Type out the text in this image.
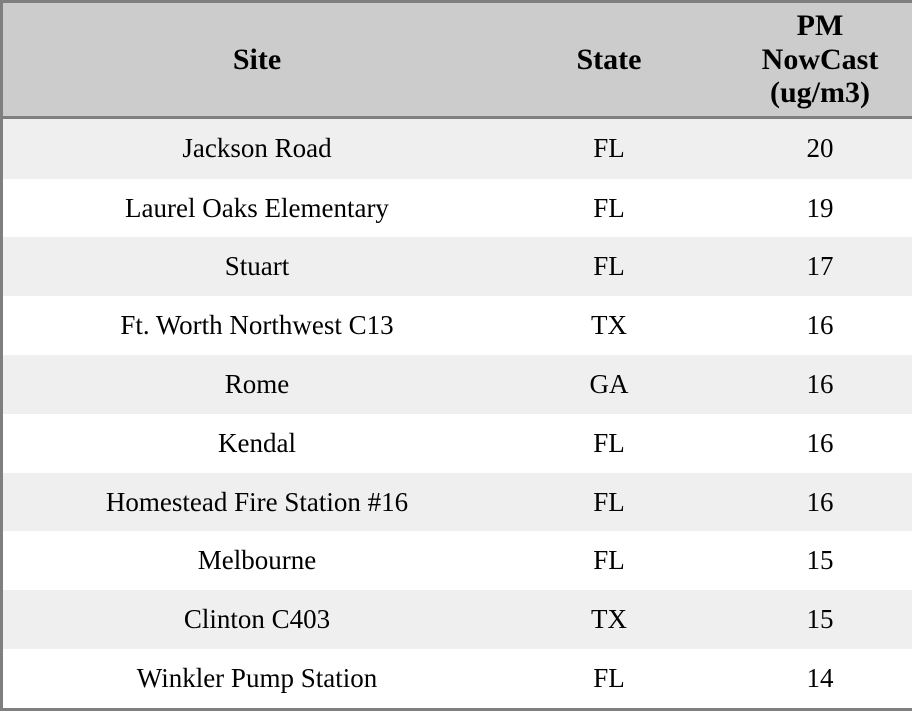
Site	State	PM
NowCast
(ug/m3)

Jackson Road	FL	20
Laurel Oaks Elementary	FL	19
Stuart	FL	17
Ft. Worth Northwest C13	TX	16
Rome	GA	16
Kendal	FL	16
Homestead Fire Station #16	FL	16
Melbourne	FL	15
Clinton C403	TX	15
Winkler Pump Station	FL	14
